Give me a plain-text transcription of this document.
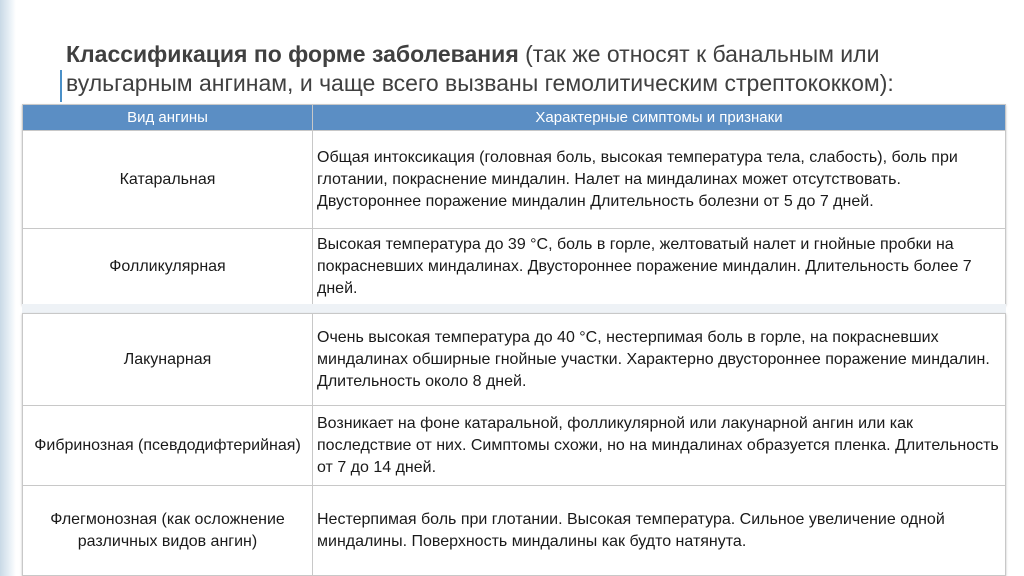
Классификация по форме заболевания (так же относят к банальным или вульгарным ангинам, и чаще всего вызваны гемолитическим стрептококком):
Вид ангины	Характерные симптомы и признаки
Катаральная	Общая интоксикация (головная боль, высокая температура тела, слабость), боль при глотании, покраснение миндалин. Налет на миндалинах может отсутствовать. Двустороннее поражение миндалин Длительность болезни от 5 до 7 дней.
Фолликулярная	Высокая температура до 39 °С, боль в горле, желтоватый налет и гнойные пробки на покрасневших миндалинах. Двустороннее поражение миндалин. Длительность более 7 дней.
Лакунарная	Очень высокая температура до 40 °С, нестерпимая боль в горле, на покрасневших миндалинах обширные гнойные участки. Характерно двустороннее поражение миндалин. Длительность около 8 дней.
Фибринозная (псевдодифтерийная)	Возникает на фоне катаральной, фолликулярной или лакунарной ангин или как последствие от них. Симптомы схожи, но на миндалинах образуется пленка. Длительность от 7 до 14 дней.
Флегмонозная (как осложнение различных видов ангин)	Нестерпимая боль при глотании. Высокая температура. Сильное увеличение одной миндалины. Поверхность миндалины как будто натянута.
